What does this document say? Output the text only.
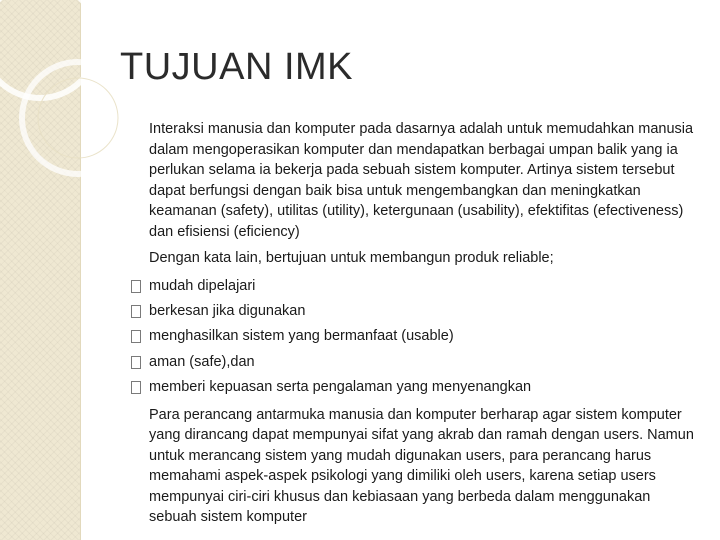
TUJUAN IMK

Interaksi manusia dan komputer pada dasarnya adalah untuk memudahkan manusia dalam mengoperasikan komputer dan mendapatkan berbagai umpan balik yang ia perlukan selama ia bekerja pada sebuah sistem komputer. Artinya sistem tersebut dapat berfungsi dengan baik bisa untuk mengembangkan dan meningkatkan keamanan (safety), utilitas (utility), ketergunaan (usability), efektifitas (efectiveness) dan efisiensi (eficiency)

Dengan kata lain, bertujuan untuk membangun produk reliable;

mudah dipelajari
berkesan jika digunakan
menghasilkan sistem yang bermanfaat (usable)
aman (safe),dan
memberi kepuasan serta pengalaman yang menyenangkan

Para perancang antarmuka manusia dan komputer berharap agar sistem komputer yang dirancang dapat mempunyai sifat yang akrab dan ramah dengan users. Namun untuk merancang sistem yang mudah digunakan users, para perancang harus memahami aspek-aspek psikologi yang dimiliki oleh users, karena setiap users mempunyai ciri-ciri khusus dan kebiasaan yang berbeda dalam menggunakan sebuah sistem komputer
